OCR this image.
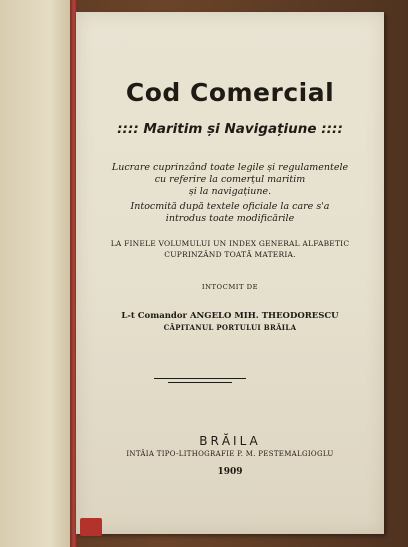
Cod Comercial
:::: Maritim și Navigațiune ::::
Lucrare cuprinzând toate legile și regulamentele
cu referire la comerțul maritim
și la navigațiune.
Intocmită după textele oficiale la care s'a
introdus toate modificările
LA FINELE VOLUMULUI UN INDEX GENERAL ALFABETIC
CUPRINZÂND TOATĂ MATERIA.
INTOCMIT DE
L-t Comandor ANGELO MIH. THEODORESCU
CĂPITANUL PORTULUI BRĂILA
BRĂILA
INTÂIA TIPO-LITHOGRAFIE P. M. PESTEMALGIOGLU
1909
